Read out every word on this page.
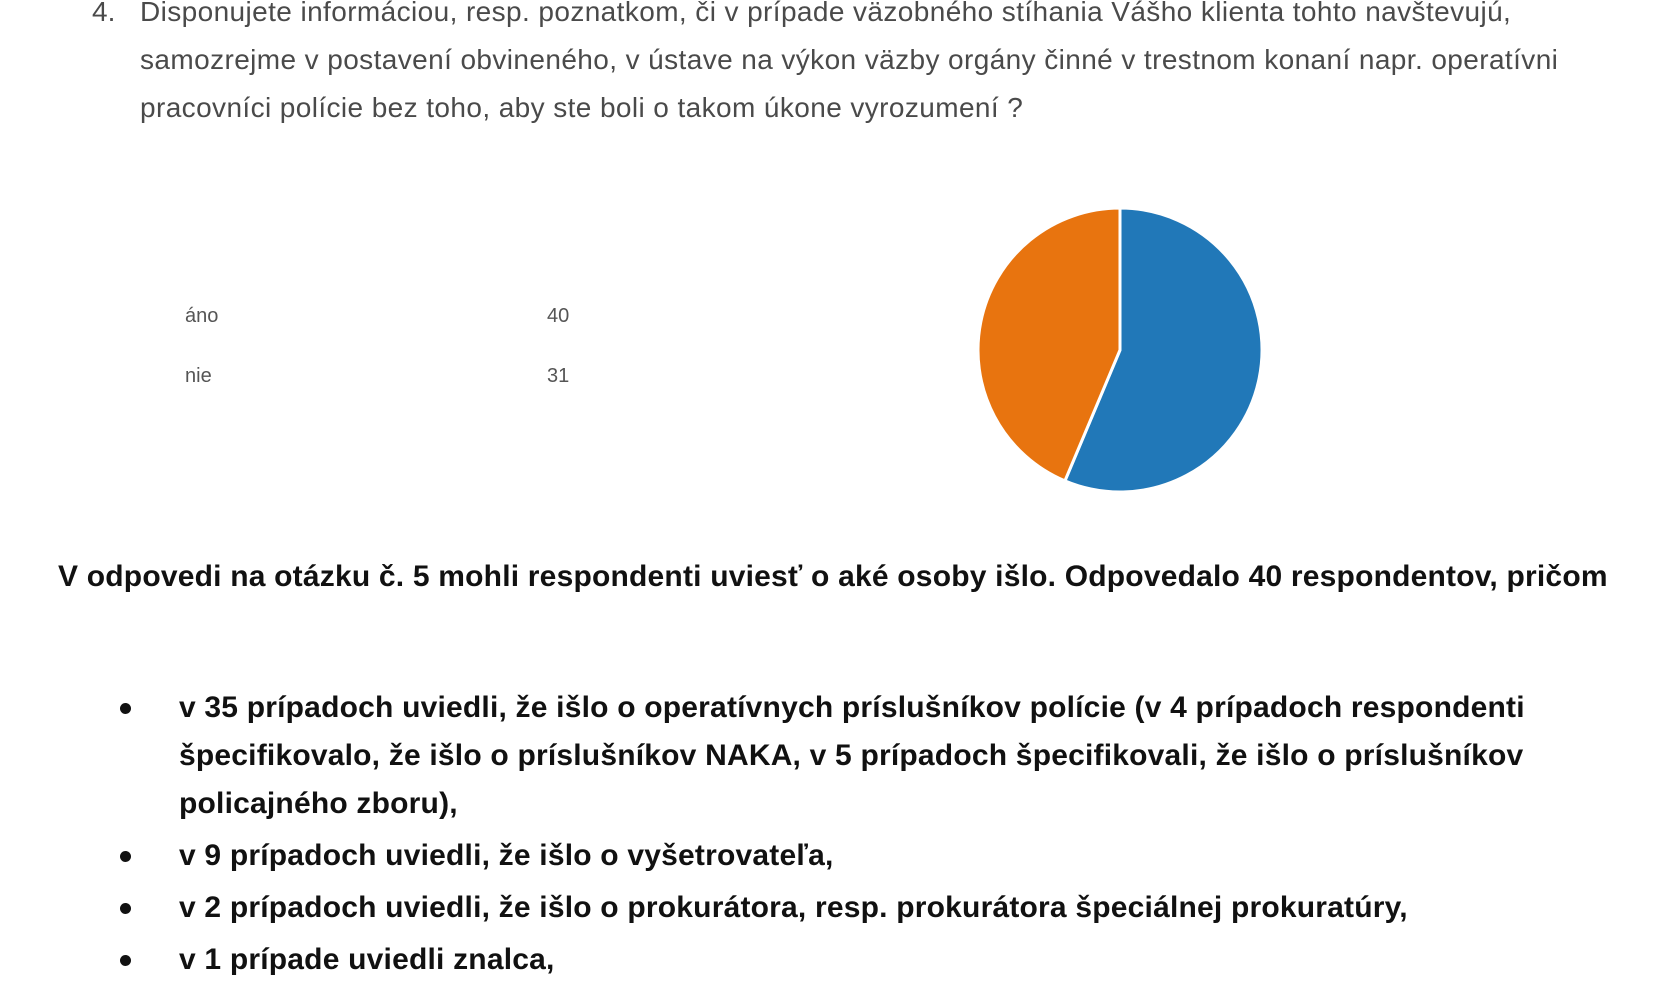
4. Disponujete informáciou, resp. poznatkom, či v prípade väzobného stíhania Vášho klienta tohto navštevujú, samozrejme v postavení obvineného, v ústave na výkon väzby orgány činné v trestnom konaní napr. operatívni pracovníci polície bez toho, aby ste boli o takom úkone vyrozumení ?
áno	40
nie	31
V odpovedi na otázku č. 5 mohli respondenti uviesť o aké osoby išlo. Odpovedalo 40 respondentov, pričom
v 35 prípadoch uviedli, že išlo o operatívnych príslušníkov polície (v 4 prípadoch respondenti špecifikovalo, že išlo o príslušníkov NAKA, v 5 prípadoch špecifikovali, že išlo o príslušníkov policajného zboru),
v 9 prípadoch uviedli, že išlo o vyšetrovateľa,
v 2 prípadoch uviedli, že išlo o prokurátora, resp. prokurátora špeciálnej prokuratúry,
v 1 prípade uviedli znalca,
